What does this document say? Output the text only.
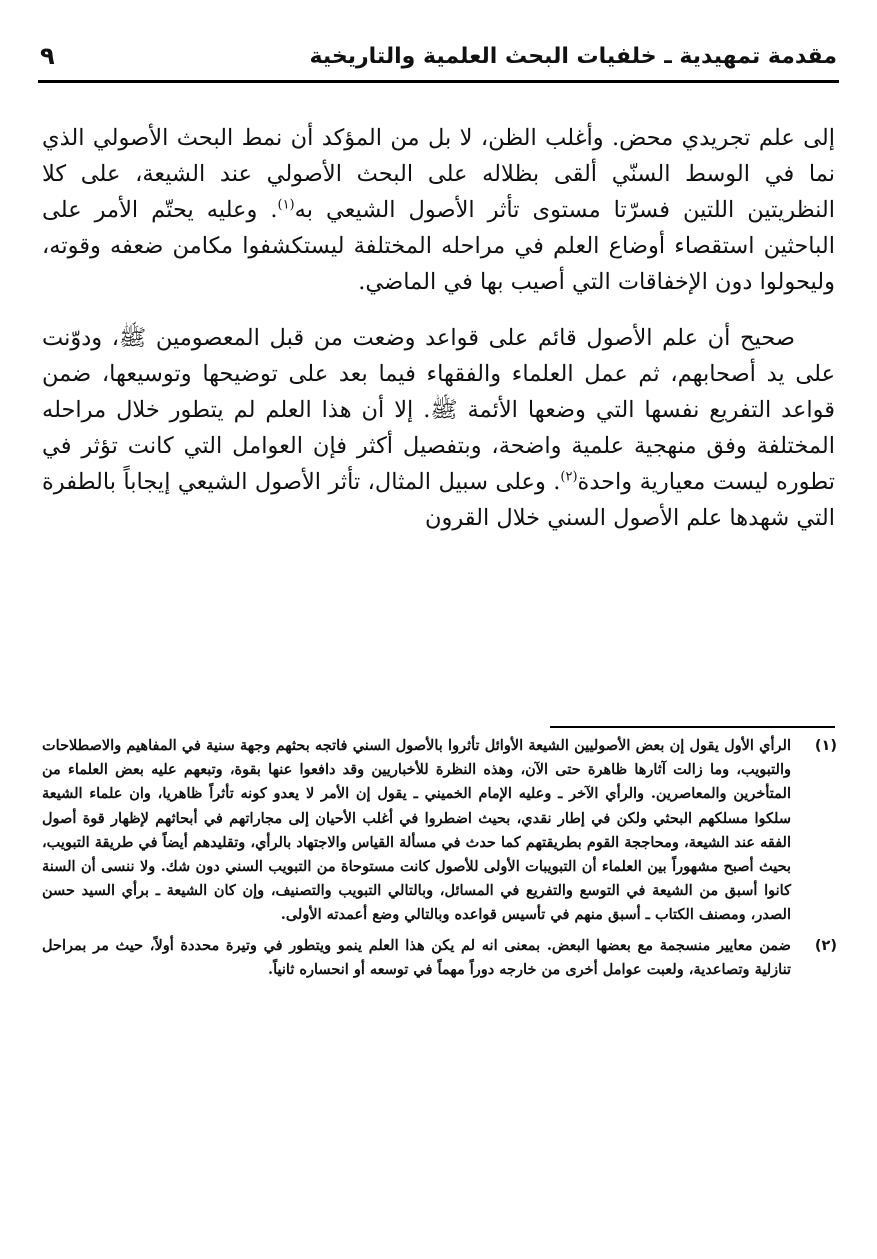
مقدمة تمهيدية ـ خلفيات البحث العلمية والتاريخية
٩

إلى علم تجريدي محض. وأغلب الظن، لا بل من المؤكد أن نمط البحث الأصولي الذي نما في الوسط السنّي ألقى بظلاله على البحث الأصولي عند الشيعة، على كلا النظريتين اللتين فسرّتا مستوى تأثر الأصول الشيعي به$^{(١)}$. وعليه يحتّم الأمر على الباحثين استقصاء أوضاع العلم في مراحله المختلفة ليستكشفوا مكامن ضعفه وقوته، وليحولوا دون الإخفاقات التي أصيب بها في الماضي.

صحيح أن علم الأصول قائم على قواعد وضعت من قبل المعصومين ﷺ، ودوّنت على يد أصحابهم، ثم عمل العلماء والفقهاء فيما بعد على توضيحها وتوسيعها، ضمن قواعد التفريع نفسها التي وضعها الأئمة ﷺ. إلا أن هذا العلم لم يتطور خلال مراحله المختلفة وفق منهجية علمية واضحة، وبتفصيل أكثر فإن العوامل التي كانت تؤثر في تطوره ليست معيارية واحدة$^{(٢)}$. وعلى سبيل المثال، تأثر الأصول الشيعي إيجاباً بالطفرة التي شهدها علم الأصول السني خلال القرون

(١)
الرأي الأول يقول إن بعض الأصوليين الشيعة الأوائل تأثروا بالأصول السني فاتجه بحثهم وجهة سنية في المفاهيم والاصطلاحات والتبويب، وما زالت آثارها ظاهرة حتى الآن، وهذه النظرة للأخباريين وقد دافعوا عنها بقوة، وتبعهم عليه بعض العلماء من المتأخرين والمعاصرين. والرأي الآخر ـ وعليه الإمام الخميني ـ يقول إن الأمر لا يعدو كونه تأثراً ظاهريا، وان علماء الشيعة سلكوا مسلكهم البحثي ولكن في إطار نقدي، بحيث اضطروا في أغلب الأحيان إلى مجاراتهم في أبحاثهم لإظهار قوة أصول الفقه عند الشيعة، ومحاججة القوم بطريقتهم كما حدث في مسألة القياس والاجتهاد بالرأي، وتقليدهم أيضاً في طريقة التبويب، بحيث أصبح مشهوراً بين العلماء أن التبويبات الأولى للأصول كانت مستوحاة من التبويب السني دون شك. ولا ننسى أن السنة كانوا أسبق من الشيعة في التوسع والتفريع في المسائل، وبالتالي التبويب والتصنيف، وإن كان الشيعة ـ برأي السيد حسن الصدر، ومصنف الكتاب ـ أسبق منهم في تأسيس قواعده وبالتالي وضع أعمدته الأولى.
(٢)
ضمن معايير منسجمة مع بعضها البعض. بمعنى انه لم يكن هذا العلم ينمو ويتطور في وتيرة محددة أولاً، حيث مر بمراحل تنازلية وتصاعدية، ولعبت عوامل أخرى من خارجه دوراً مهماً في توسعه أو انحساره ثانياً.
